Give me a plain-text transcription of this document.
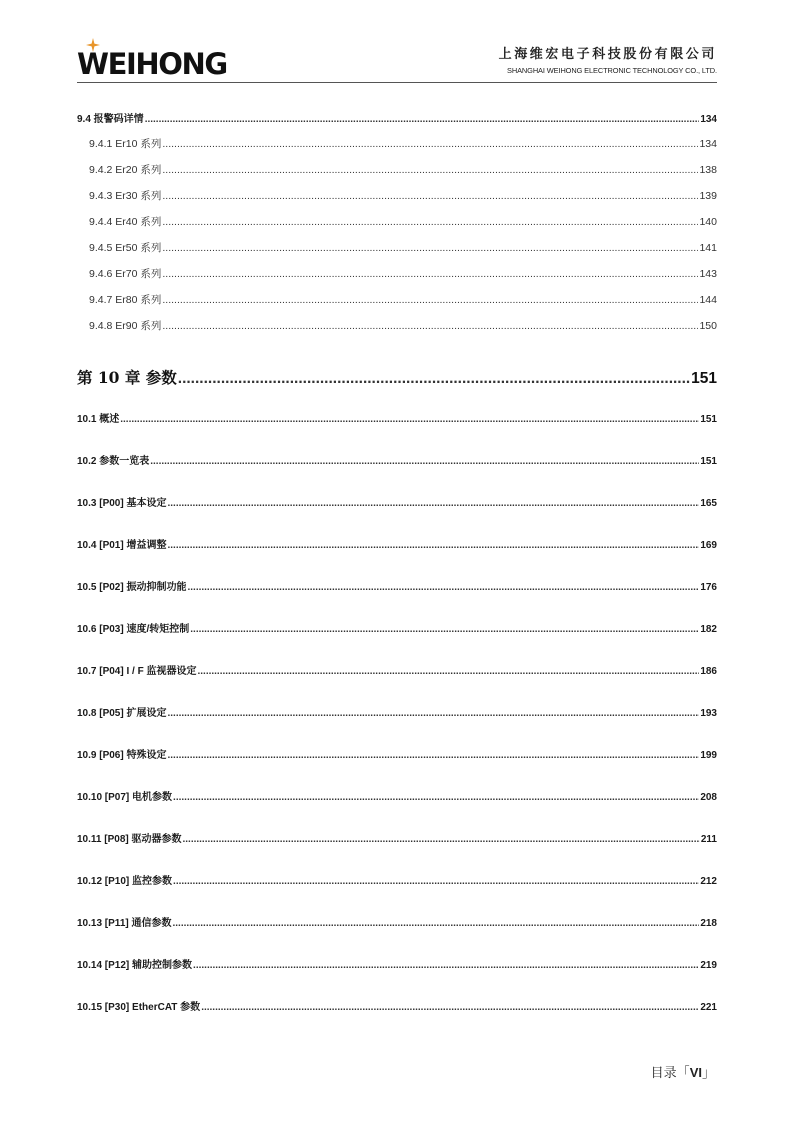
WEIHONG	上海维宏电子科技股份有限公司
SHANGHAI WEIHONG ELECTRONIC TECHNOLOGY CO., LTD.
9.4 报警码详情 .....	134
9.4.1 Er10 系列 .....	134
9.4.2 Er20 系列 .....	138
9.4.3 Er30 系列 .....	139
9.4.4 Er40 系列 .....	140
9.4.5 Er50 系列 .....	141
9.4.6 Er70 系列 .....	143
9.4.7 Er80 系列 .....	144
9.4.8 Er90 系列 .....	150
第 10 章 参数 .....	151
10.1 概述 .....	151
10.2 参数一览表 .....	151
10.3 [P00] 基本设定 .....	165
10.4 [P01] 增益调整 .....	169
10.5 [P02] 振动抑制功能 .....	176
10.6 [P03] 速度/转矩控制 .....	182
10.7 [P04] I / F 监视器设定 .....	186
10.8 [P05] 扩展设定 .....	193
10.9 [P06] 特殊设定 .....	199
10.10 [P07] 电机参数 .....	208
10.11 [P08] 驱动器参数 .....	211
10.12 [P10] 监控参数 .....	212
10.13 [P11] 通信参数 .....	218
10.14 [P12] 辅助控制参数 .....	219
10.15 [P30] EtherCAT 参数 .....	221
目录「VI」
